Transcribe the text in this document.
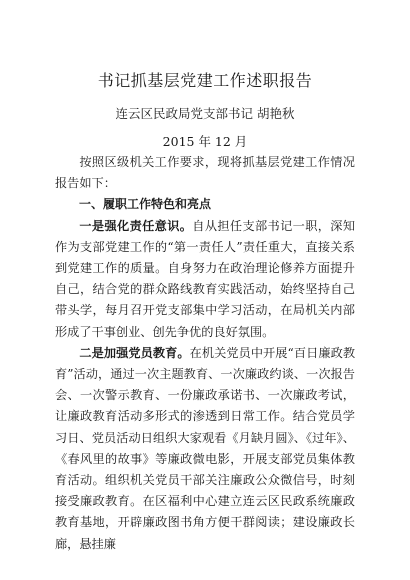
书记抓基层党建工作述职报告
连云区民政局党支部书记 胡艳秋
2015 年 12 月

按照区级机关工作要求，现将抓基层党建工作情况报告如下：

一、履职工作特色和亮点

一是强化责任意识。自从担任支部书记一职，深知作为支部党建工作的“第一责任人”责任重大，直接关系到党建工作的质量。自身努力在政治理论修养方面提升自己，结合党的群众路线教育实践活动，始终坚持自己带头学，每月召开党支部集中学习活动，在局机关内部形成了干事创业、创先争优的良好氛围。

二是加强党员教育。在机关党员中开展“百日廉政教育”活动，通过一次主题教育、一次廉政约谈、一次报告会、一次警示教育、一份廉政承诺书、一次廉政考试，让廉政教育活动多形式的渗透到日常工作。结合党员学习日、党员活动日组织大家观看《月缺月圆》、《过年》、《春风里的故事》等廉政微电影，开展支部党员集体教育活动。组织机关党员干部关注廉政公众微信号，时刻接受廉政教育。在区福利中心建立连云区民政系统廉政教育基地，开辟廉政图书角方便干群阅读；建设廉政长廊，悬挂廉
